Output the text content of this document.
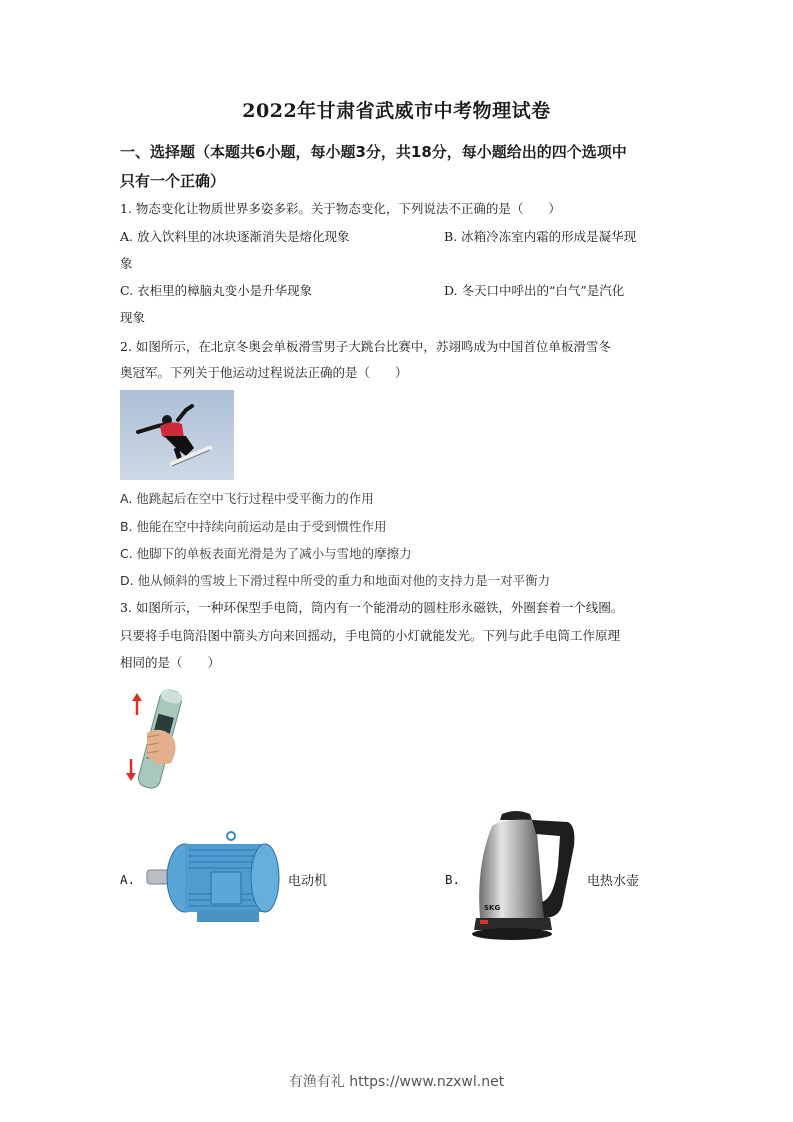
2022年甘肃省武威市中考物理试卷
一、选择题（本题共6小题，每小题3分，共18分，每小题给出的四个选项中
只有一个正确）
1. 物态变化让物质世界多姿多彩。关于物态变化，下列说法不正确的是（　　）
A. 放入饮料里的冰块逐渐消失是熔化现象	B. 冰箱冷冻室内霜的形成是凝华现
象
C. 衣柜里的樟脑丸变小是升华现象	D. 冬天口中呼出的“白气”是汽化
现象
2. 如图所示，在北京冬奥会单板滑雪男子大跳台比赛中，苏翊鸣成为中国首位单板滑雪冬
奥冠军。下列关于他运动过程说法正确的是（　　）
A. 他跳起后在空中飞行过程中受平衡力的作用
B. 他能在空中持续向前运动是由于受到惯性作用
C. 他脚下的单板表面光滑是为了减小与雪地的摩擦力
D. 他从倾斜的雪坡上下滑过程中所受的重力和地面对他的支持力是一对平衡力
3. 如图所示，一种环保型手电筒，筒内有一个能滑动的圆柱形永磁铁，外圈套着一个线圈。
只要将手电筒沿图中箭头方向来回摇动，手电筒的小灯就能发光。下列与此手电筒工作原理
相同的是（　　）
A.	电动机	B.
SKG
电热水壶
有渔有礼 https://www.nzxwl.net
